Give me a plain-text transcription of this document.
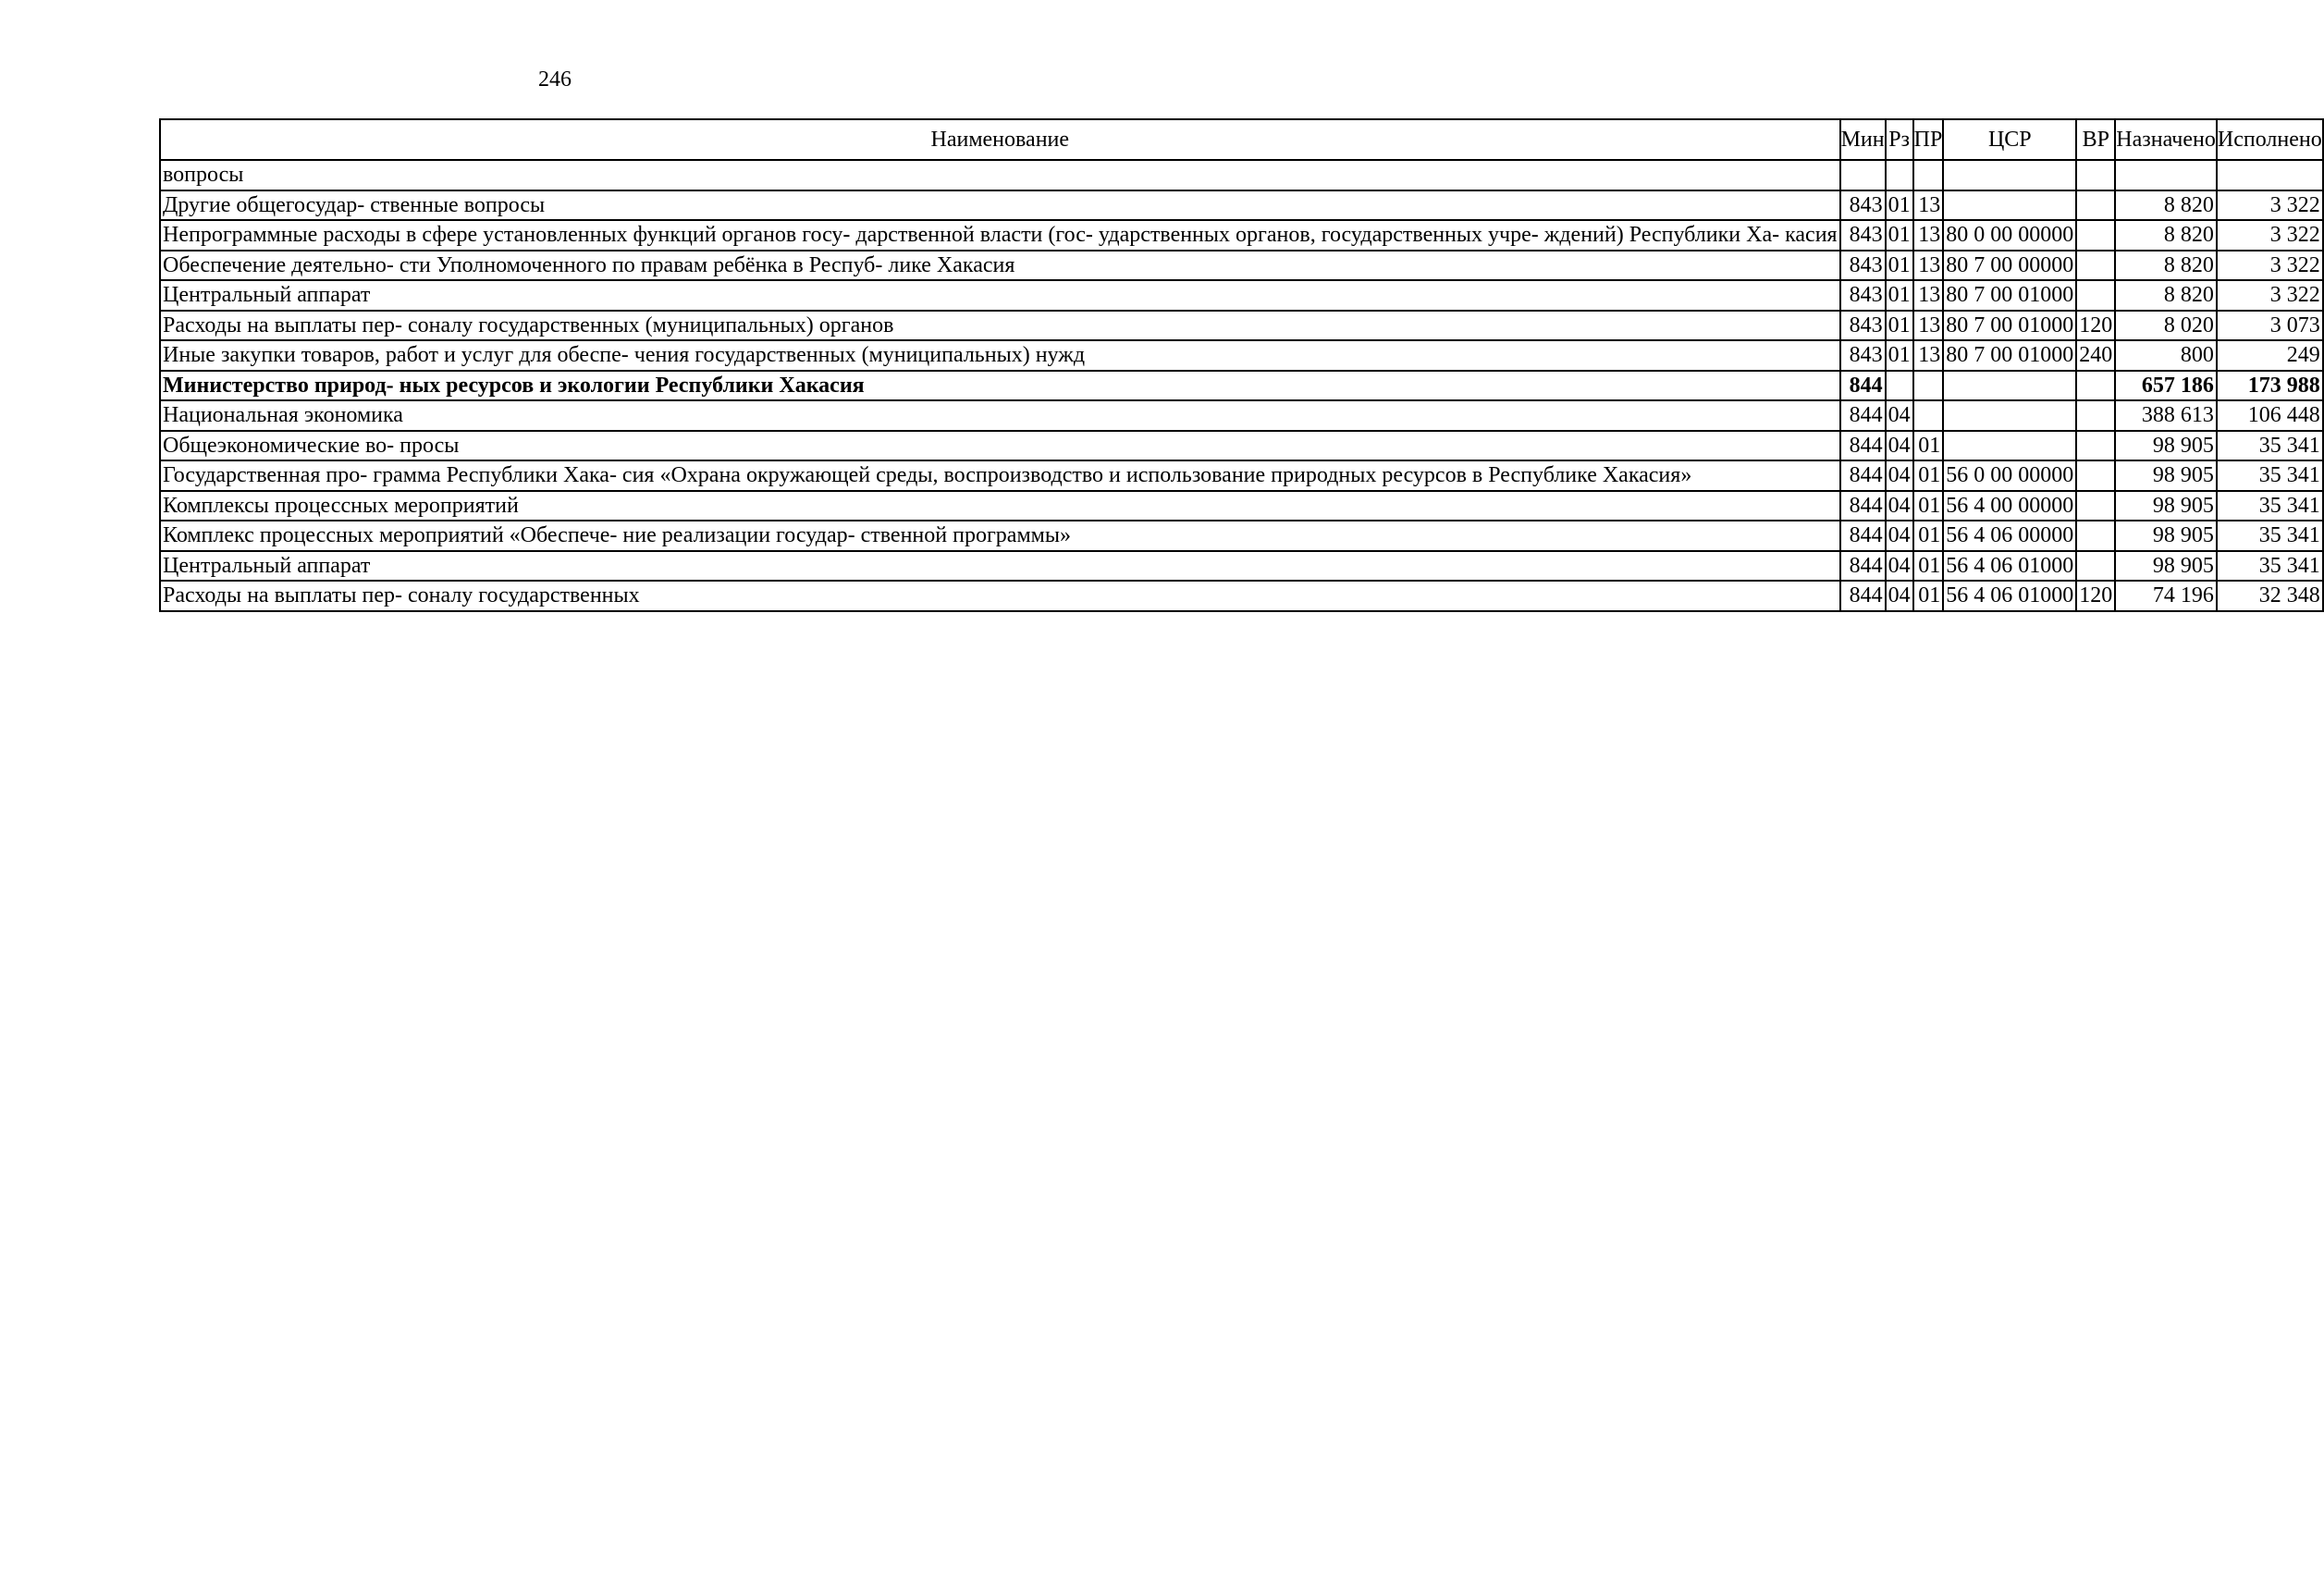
246
Наименование	Мин	Рз	ПР	ЦСР	ВР	Назначено	Исполнено
вопросы							
Другие общегосудар- ственные вопросы	843	01	13			8 820	3 322
Непрограммные расходы в сфере установленных функций органов госу- дарственной власти (гос- ударственных органов, государственных учре- ждений) Республики Ха- касия	843	01	13	80 0 00 00000		8 820	3 322
Обеспечение деятельно- сти Уполномоченного по правам ребёнка в Респуб- лике Хакасия	843	01	13	80 7 00 00000		8 820	3 322
Центральный аппарат	843	01	13	80 7 00 01000		8 820	3 322
Расходы на выплаты пер- соналу государственных (муниципальных) органов	843	01	13	80 7 00 01000	120	8 020	3 073
Иные закупки товаров, работ и услуг для обеспе- чения государственных (муниципальных) нужд	843	01	13	80 7 00 01000	240	800	249
Министерство природ- ных ресурсов и экологии Республики Хакасия	844					657 186	173 988
Национальная экономика	844	04				388 613	106 448
Общеэкономические во- просы	844	04	01			98 905	35 341
Государственная про- грамма Республики Хака- сия «Охрана окружающей среды, воспроизводство и использование природных ресурсов в Республике Хакасия»	844	04	01	56 0 00 00000		98 905	35 341
Комплексы процессных мероприятий	844	04	01	56 4 00 00000		98 905	35 341
Комплекс процессных мероприятий «Обеспече- ние реализации государ- ственной программы»	844	04	01	56 4 06 00000		98 905	35 341
Центральный аппарат	844	04	01	56 4 06 01000		98 905	35 341
Расходы на выплаты пер- соналу государственных	844	04	01	56 4 06 01000	120	74 196	32 348
